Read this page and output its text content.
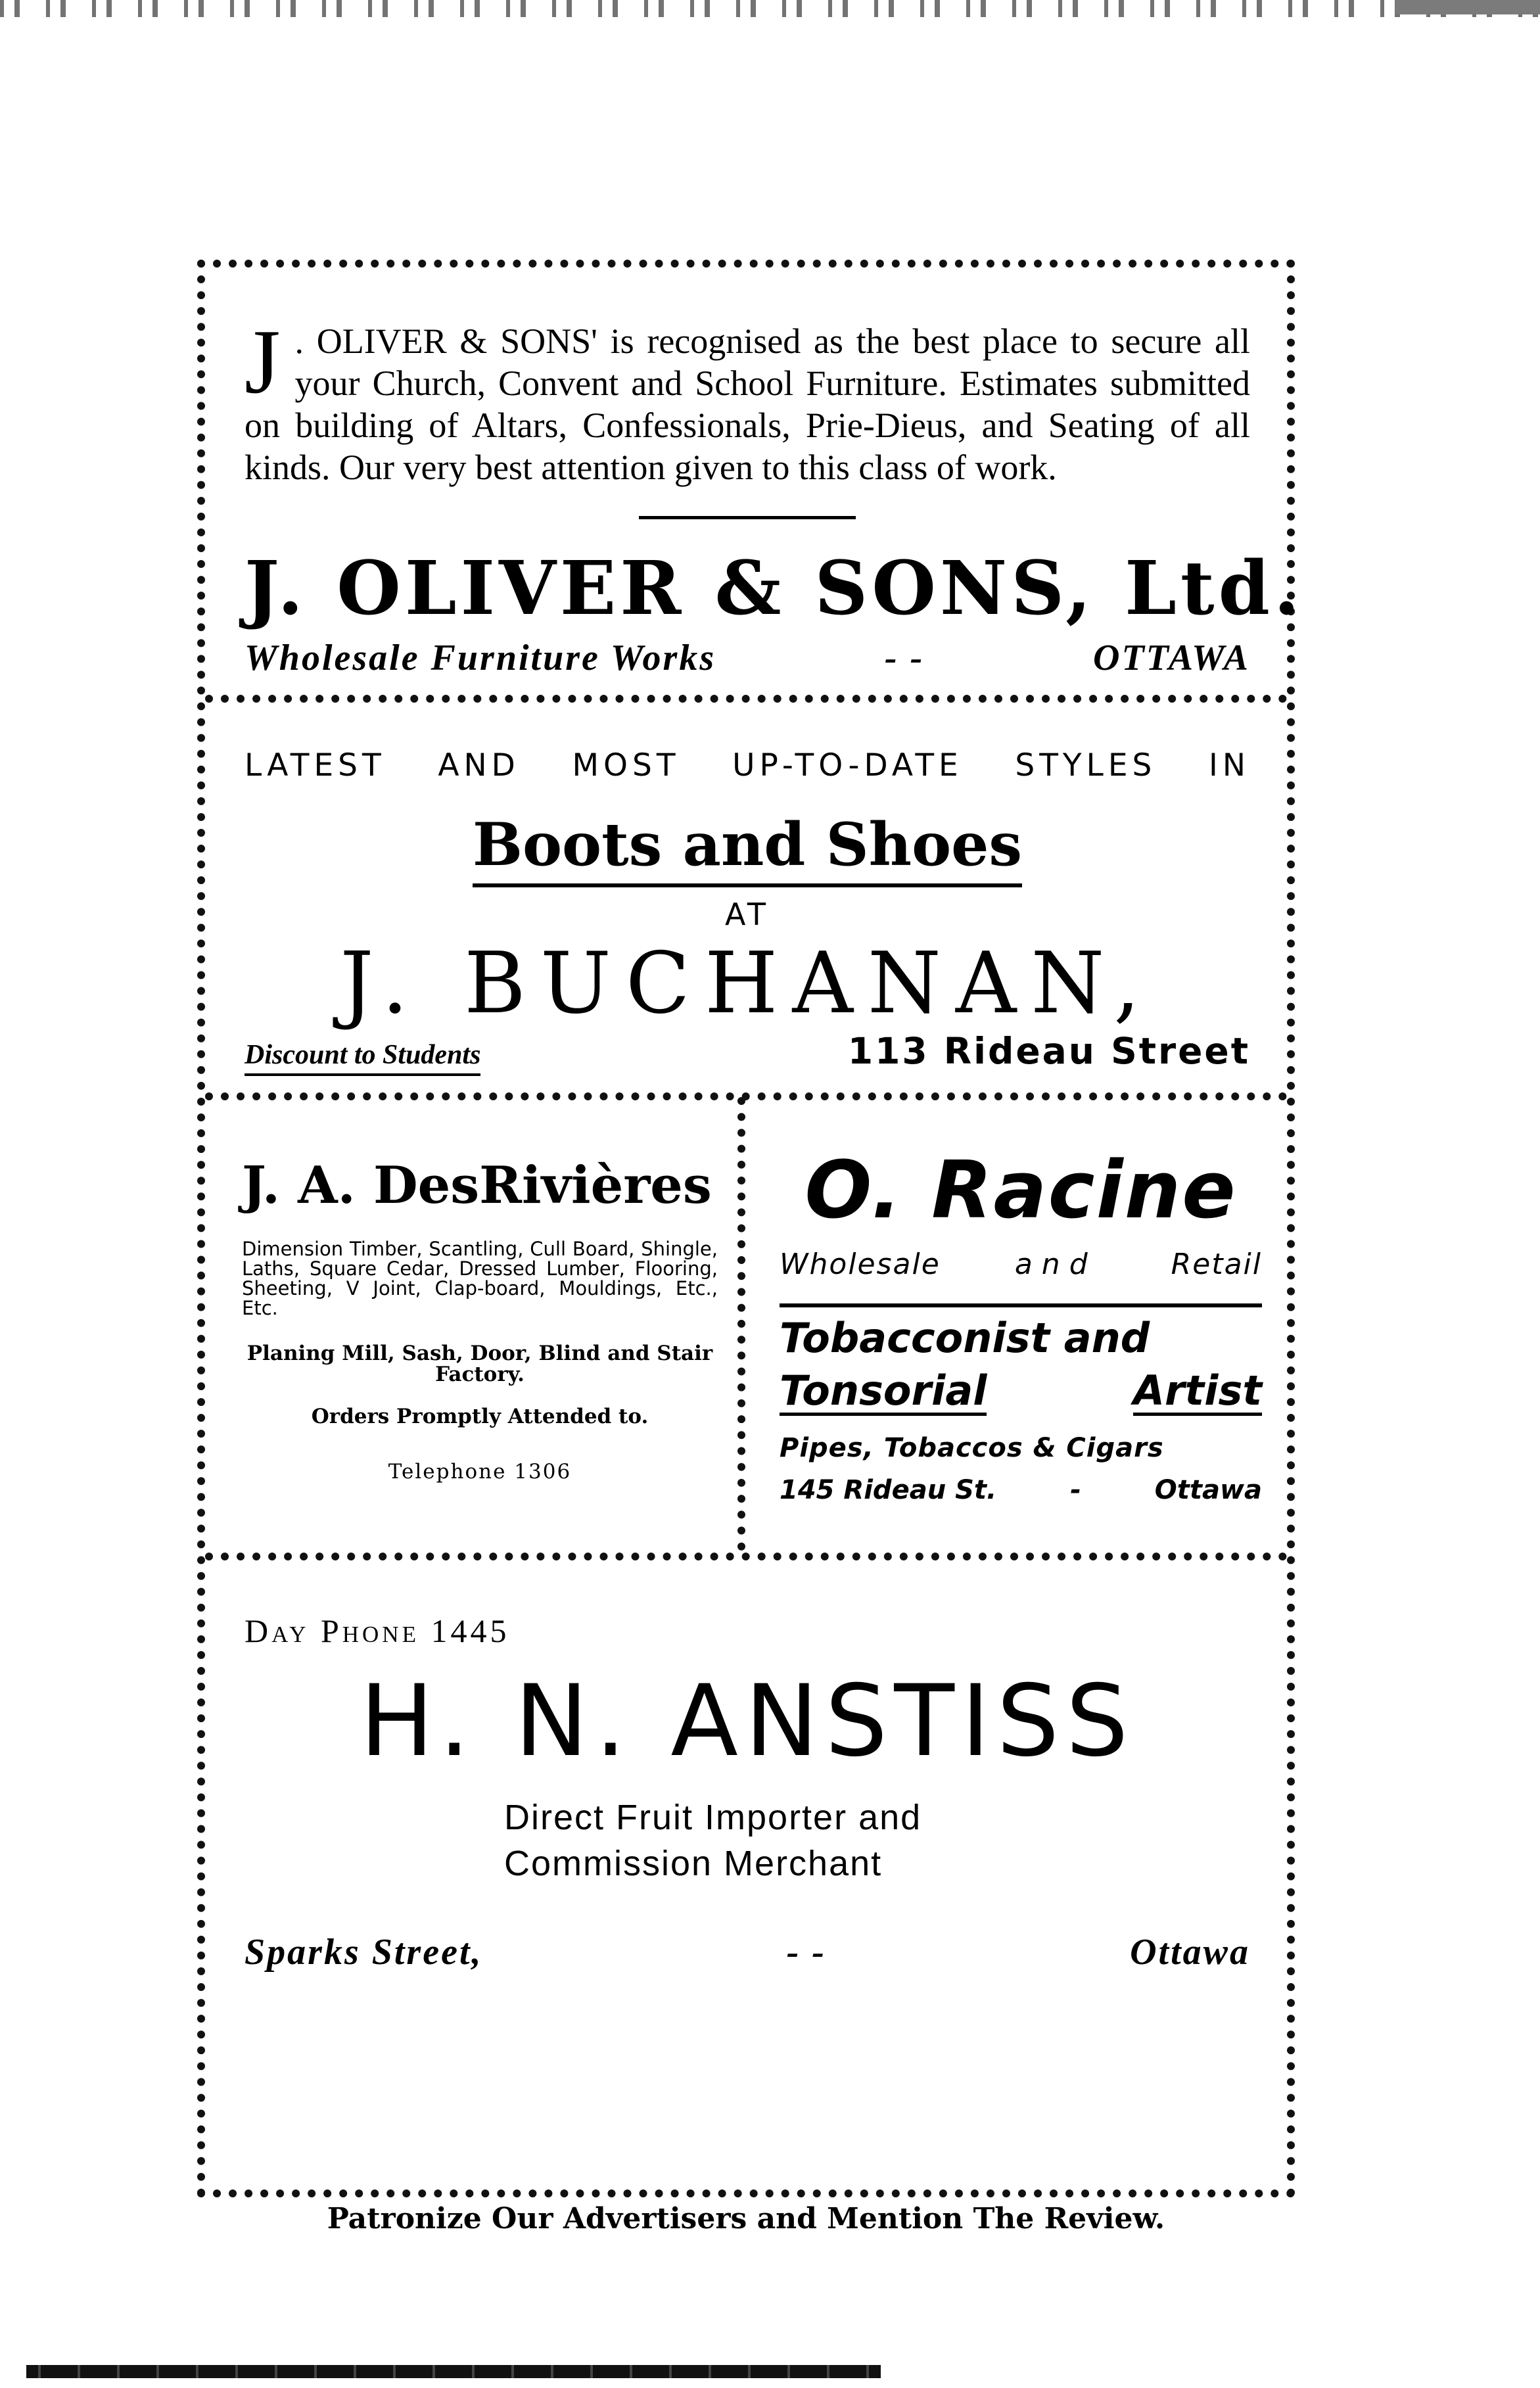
J . OLIVER & SONS' is recognised as the best place to secure all your Church, Convent and School Furniture. Estimates submitted on building of Altars, Confessionals, Prie-Dieus, and Seating of all kinds. Our very best attention given to this class of work.
J. OLIVER & SONS, Ltd.
Wholesale Furniture Works	- -	OTTAWA
LATEST AND MOST UP-TO-DATE STYLES IN
Boots and Shoes
AT
J. BUCHANAN,
Discount to Students	113 Rideau Street
J. A. DesRivières
Dimension Timber, Scantling, Cull Board, Shingle, Laths, Square Cedar, Dressed Lumber, Flooring, Sheeting, V Joint, Clap-board, Mouldings, Etc., Etc.
Planing Mill, Sash, Door, Blind and Stair Factory.
Orders Promptly Attended to.
Telephone 1306
O. Racine
Wholesale	and	Retail
Tobacconist and
Tonsorial	Artist
Pipes, Tobaccos & Cigars
145 Rideau St.	-	Ottawa
Day Phone 1445
H. N. ANSTISS
Direct Fruit Importer and
Commission Merchant
Sparks Street,	- -	Ottawa
Patronize Our Advertisers and Mention The Review.
